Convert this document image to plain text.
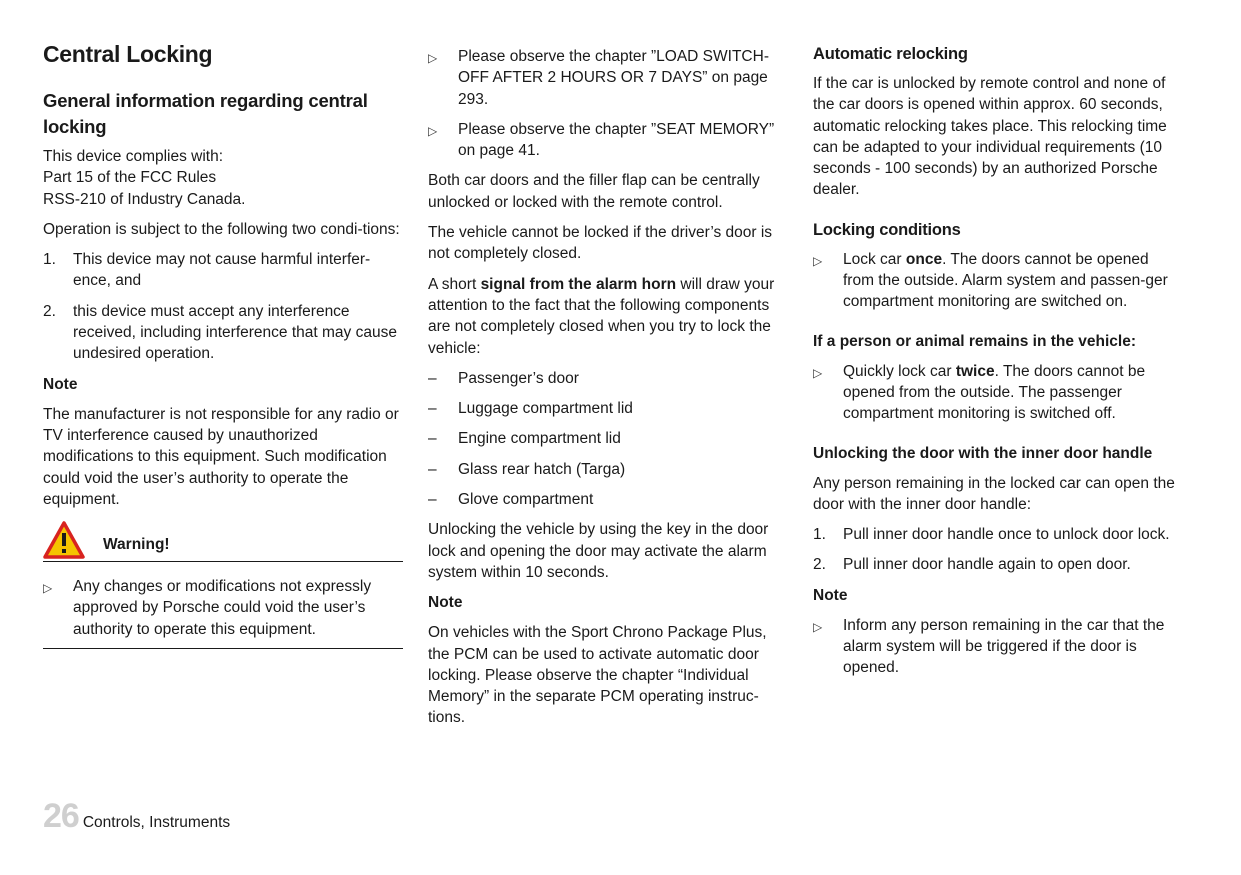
Central Locking
General information regarding central locking

This device complies with:
Part 15 of the FCC Rules
RSS-210 of Industry Canada.

Operation is subject to the following two condi-tions:

1.	This device may not cause harmful interfer-ence, and
2.	this device must accept any interference received, including interference that may cause undesired operation.
Note

The manufacturer is not responsible for any radio or TV interference caused by unauthorized modifications to this equipment. Such modification could void the user’s authority to operate the equipment.

Warning!
▷	Any changes or modifications not expressly approved by Porsche could void the user’s authority to operate this equipment.
▷	Please observe the chapter ”LOAD SWITCH-OFF AFTER 2 HOURS OR 7 DAYS” on page 293.
▷	Please observe the chapter ”SEAT MEMORY” on page 41.

Both car doors and the filler flap can be centrally unlocked or locked with the remote control.

The vehicle cannot be locked if the driver’s door is not completely closed.

A short signal from the alarm horn will draw your attention to the fact that the following components are not completely closed when you try to lock the vehicle:

–	Passenger’s door
–	Luggage compartment lid
–	Engine compartment lid
–	Glass rear hatch (Targa)
–	Glove compartment

Unlocking the vehicle by using the key in the door lock and opening the door may activate the alarm system within 10 seconds.

Note

On vehicles with the Sport Chrono Package Plus, the PCM can be used to activate automatic door locking. Please observe the chapter “Individual Memory” in the separate PCM operating instruc-tions.

Automatic relocking

If the car is unlocked by remote control and none of the car doors is opened within approx. 60 seconds, automatic relocking takes place. This relocking time can be adapted to your individual requirements (10 seconds - 100 seconds) by an authorized Porsche dealer.

Locking conditions
▷	Lock car once. The doors cannot be opened from the outside. Alarm system and passen-ger compartment monitoring are switched on.
If a person or animal remains in the vehicle:
▷	Quickly lock car twice. The doors cannot be opened from the outside. The passenger compartment monitoring is switched off.
Unlocking the door with the inner door handle

Any person remaining in the locked car can open the door with the inner door handle:

1.	Pull inner door handle once to unlock door lock.
2.	Pull inner door handle again to open door.
Note
▷	Inform any person remaining in the car that the alarm system will be triggered if the door is opened.
26 Controls, Instruments
